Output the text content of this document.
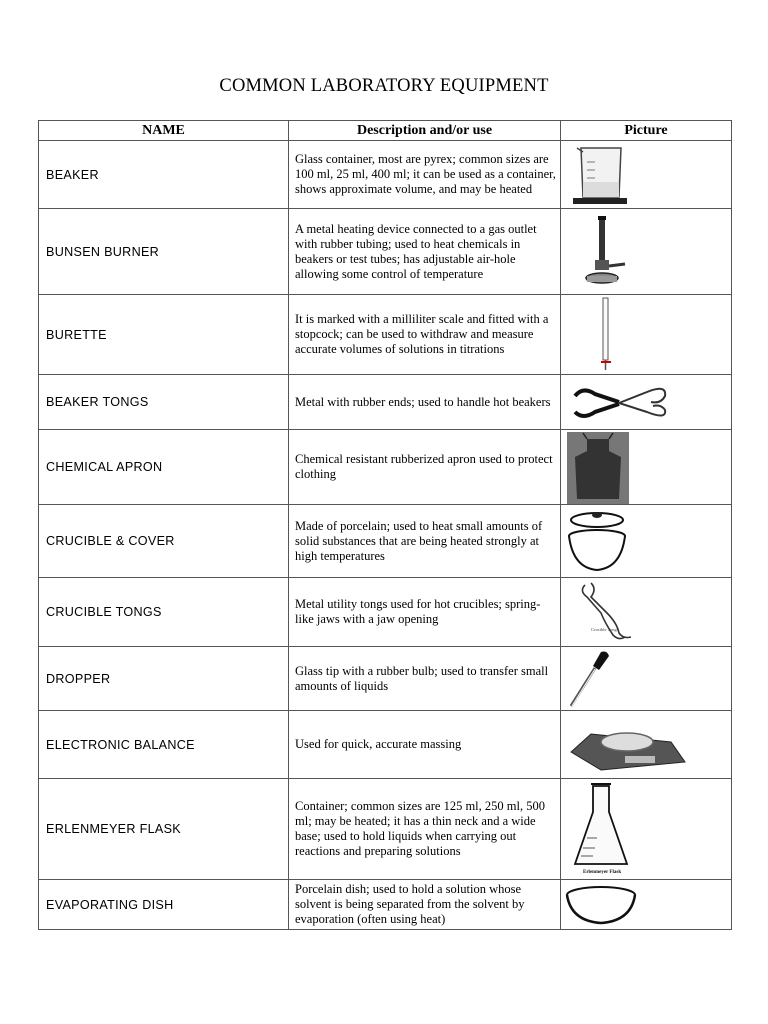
COMMON LABORATORY EQUIPMENT
NAME	Description and/or use	Picture
BEAKER	Glass container, most are pyrex; common sizes are 100 ml, 25 ml, 400 ml; it can be used as a container, shows approximate volume, and may be heated	

BUNSEN BURNER	A metal heating device connected to a gas outlet with rubber tubing; used to heat chemicals in beakers or test tubes; has adjustable air-hole allowing some control of temperature	

BURETTE	It is marked with a milliliter scale and fitted with a stopcock; can be used to withdraw and measure accurate volumes of solutions in titrations	

BEAKER TONGS	Metal with rubber ends; used to handle hot beakers	

CHEMICAL APRON	Chemical resistant rubberized apron used to protect clothing	

CRUCIBLE & COVER	Made of porcelain; used to heat small amounts of solid substances that are being heated strongly at high temperatures	

CRUCIBLE TONGS	Metal utility tongs used for hot crucibles; spring-like jaws with a jaw opening	Crucible Tongs

DROPPER	Glass tip with a rubber bulb; used to transfer small amounts of liquids	

ELECTRONIC BALANCE	Used for quick, accurate massing	

ERLENMEYER FLASK	Container; common sizes are 125 ml, 250 ml, 500 ml; may be heated; it has a thin neck and a wide base; used to hold liquids when carrying out reactions and preparing solutions	Erlenmeyer Flask

EVAPORATING DISH	Porcelain dish; used to hold a solution whose solvent is being separated from the solvent by evaporation (often using heat)	
